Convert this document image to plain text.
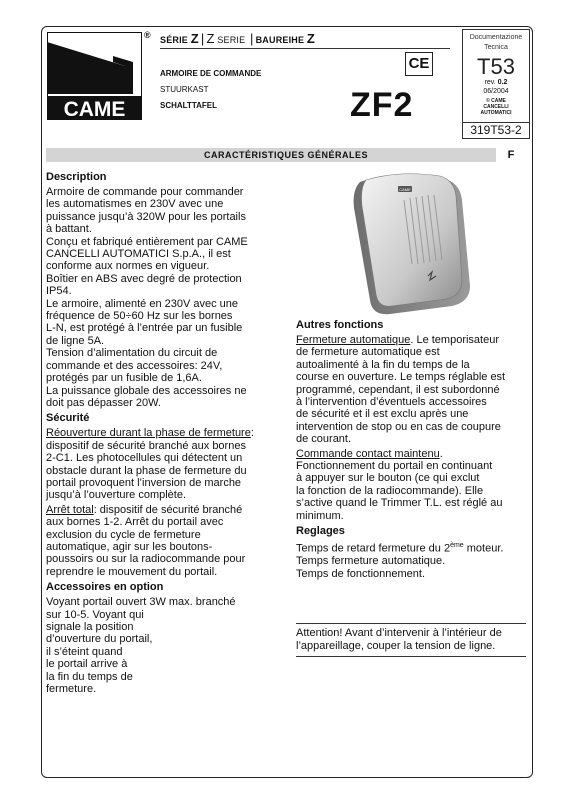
CAME
® SÉRIE Z | Z SERIE | BAUREIHE Z
ARMOIRE DE COMMANDE
STUURKAST
SCHALTTAFEL
CE
ZF2
Documentazione
Tecnica
T53
rev. 0.2
06/2004
© CAME
CANCELLI
AUTOMATICI
319T53-2
CARACTÉRISTIQUES GÉNÉRALES	F
Description

Armoire de commande pour commander
les automatismes en 230V avec une
puissance jusqu’à 320W pour les portails
à battant.
Conçu et fabriqué entièrement par CAME
CANCELLI AUTOMATICI S.p.A., il est
conforme aux normes en vigueur.
Boîtier en ABS avec degré de protection
IP54.
Le armoire, alimenté en 230V avec une
fréquence de 50÷60 Hz sur les bornes
L-N, est protégé à l’entrée par un fusible
de ligne 5A.
Tension d’alimentation du circuit de
commande et des accessoires: 24V,
protégés par un fusible de 1,6A.
La puissance globale des accessoires ne
doit pas dépasser 20W.

Sécurité

Réouverture durant la phase de fermeture:
dispositif de sécurité branché aux bornes
2-C1. Les photocellules qui détectent un
obstacle durant la phase de fermeture du
portail provoquent l’inversion de marche
jusqu’à l’ouverture complète.

Arrêt total: dispositif de sécurité branché
aux bornes 1-2. Arrêt du portail avec
exclusion du cycle de fermeture
automatique, agir sur les boutons-
poussoirs ou sur la radiocommande pour
reprendre le mouvement du portail.

Accessoires en option

Voyant portail ouvert 3W max. branché
sur 10-5. Voyant qui
signale la position
d’ouverture du portail,
il s’éteint quand
le portail arrive à
la fin du temps de
fermeture.

CAME
Autres fonctions

Fermeture automatique. Le temporisateur
de fermeture automatique est
autoalimenté à la fin du temps de la
course en ouverture. Le temps réglable est
programmé, cependant, il est subordonné
à l’intervention d’éventuels accessoires
de sécurité et il est exclu après une
intervention de stop ou en cas de coupure
de courant.

Commande contact maintenu.
Fonctionnement du portail en continuant
à appuyer sur le bouton (ce qui exclut
la fonction de la radiocommande). Elle
s’active quand le Trimmer T.L. est réglé au
minimum.

Reglages

Temps de retard fermeture du 2ème moteur.
Temps fermeture automatique.
Temps de fonctionnement.

Attention! Avant d’intervenir à l’intérieur de
l’appareillage, couper la tension de ligne.
